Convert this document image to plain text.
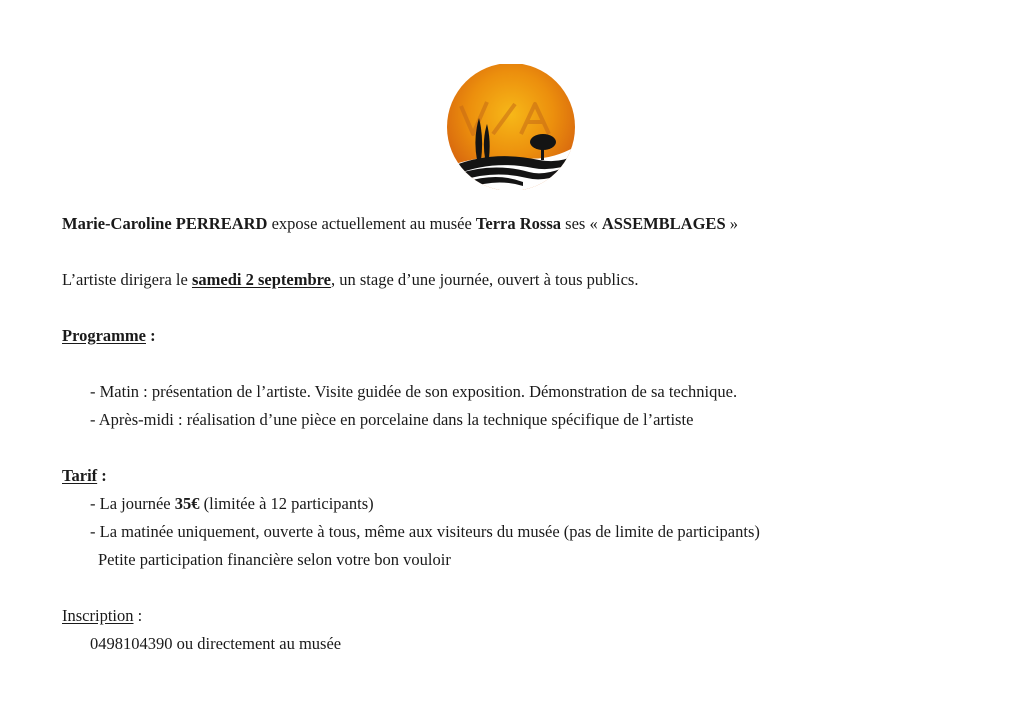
Marie-Caroline PERREARD expose actuellement au musée Terra Rossa ses « ASSEMBLAGES »
L’artiste dirigera le samedi 2 septembre, un stage d’une journée, ouvert à tous publics.
Programme :
- Matin : présentation de l’artiste. Visite guidée de son exposition. Démonstration de sa technique.
- Après-midi : réalisation d’une pièce en porcelaine dans la technique spécifique de l’artiste
Tarif :
- La journée 35€ (limitée à 12 participants)
- La matinée uniquement, ouverte à tous, même aux visiteurs du musée (pas de limite de participants)
Petite participation financière selon votre bon vouloir
Inscription :
0498104390 ou directement au musée
